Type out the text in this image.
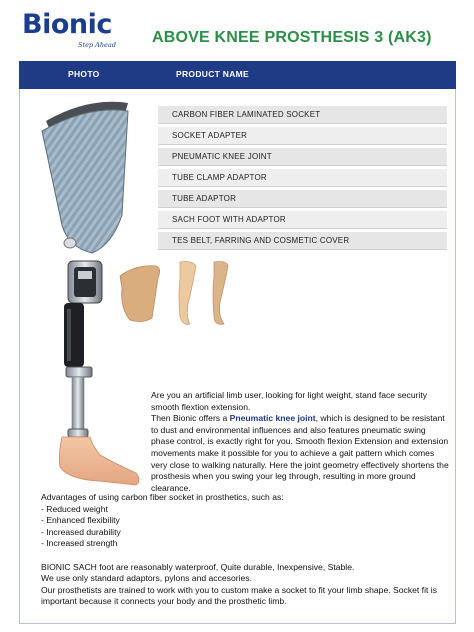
Bionic
Step Ahead ABOVE KNEE PROSTHESIS 3 (AK3)
PHOTO	PRODUCT NAME
CARBON FIBER LAMINATED SOCKET
SOCKET ADAPTER
PNEUMATIC KNEE JOINT
TUBE CLAMP ADAPTOR
TUBE ADAPTOR
SACH FOOT WITH ADAPTOR
TES BELT, FARRING AND COSMETIC COVER

Are you an artificial limb user, looking for light weight, stand face security smooth flextion extension.

Then Bionic offers a Pneumatic knee joint, which is designed to be resistant to dust and environmental influences and also features pneumatic swing phase control, is exactly right for you. Smooth flexion Extension and extension movements make it possible for you to achieve a gait pattern which comes very close to walking naturally. Here the joint geometry effectively shortens the prosthesis when you swing your leg through, resulting in more ground clearance.

Advantages of using carbon fiber socket in prosthetics, such as:

- Reduced weight

- Enhanced flexibility

- Increased durability

- Increased strength

BIONIC SACH foot are reasonably waterproof, Quite durable, Inexpensive, Stable.

We use only standard adaptors, pylons and accesories.

Our prosthetists are trained to work with you to custom make a socket to fit your limb shape. Socket fit is important because it connects your body and the prosthetic limb.
